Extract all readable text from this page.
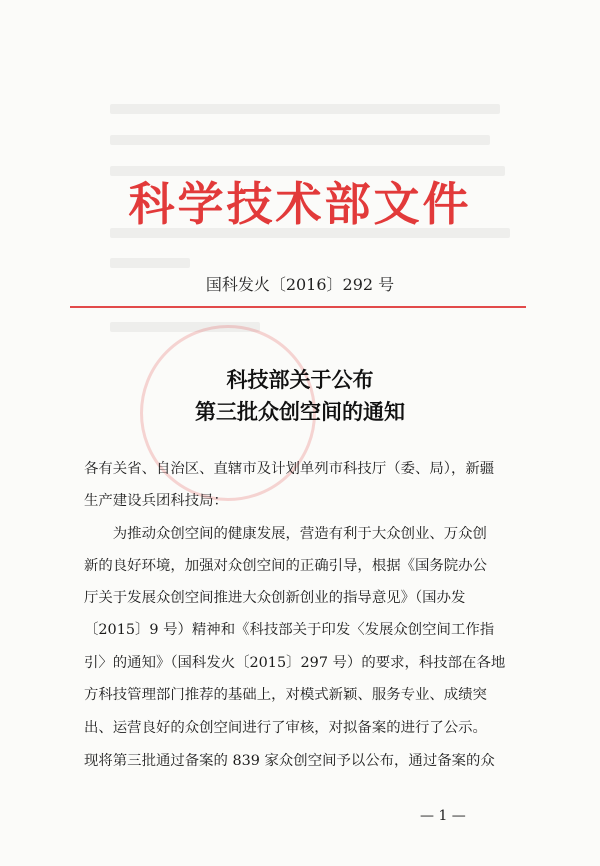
科学技术部文件
国科发火〔2016〕292 号
科技部关于公布
第三批众创空间的通知
各有关省、自治区、直辖市及计划单列市科技厅（委、局），新疆
生产建设兵团科技局：
　　为推动众创空间的健康发展，营造有利于大众创业、万众创
新的良好环境，加强对众创空间的正确引导，根据《国务院办公
厅关于发展众创空间推进大众创新创业的指导意见》（国办发
〔2015〕9 号）精神和《科技部关于印发〈发展众创空间工作指
引〉的通知》（国科发火〔2015〕297 号）的要求，科技部在各地
方科技管理部门推荐的基础上，对模式新颖、服务专业、成绩突
出、运营良好的众创空间进行了审核，对拟备案的进行了公示。
现将第三批通过备案的 839 家众创空间予以公布，通过备案的众
— 1 —
